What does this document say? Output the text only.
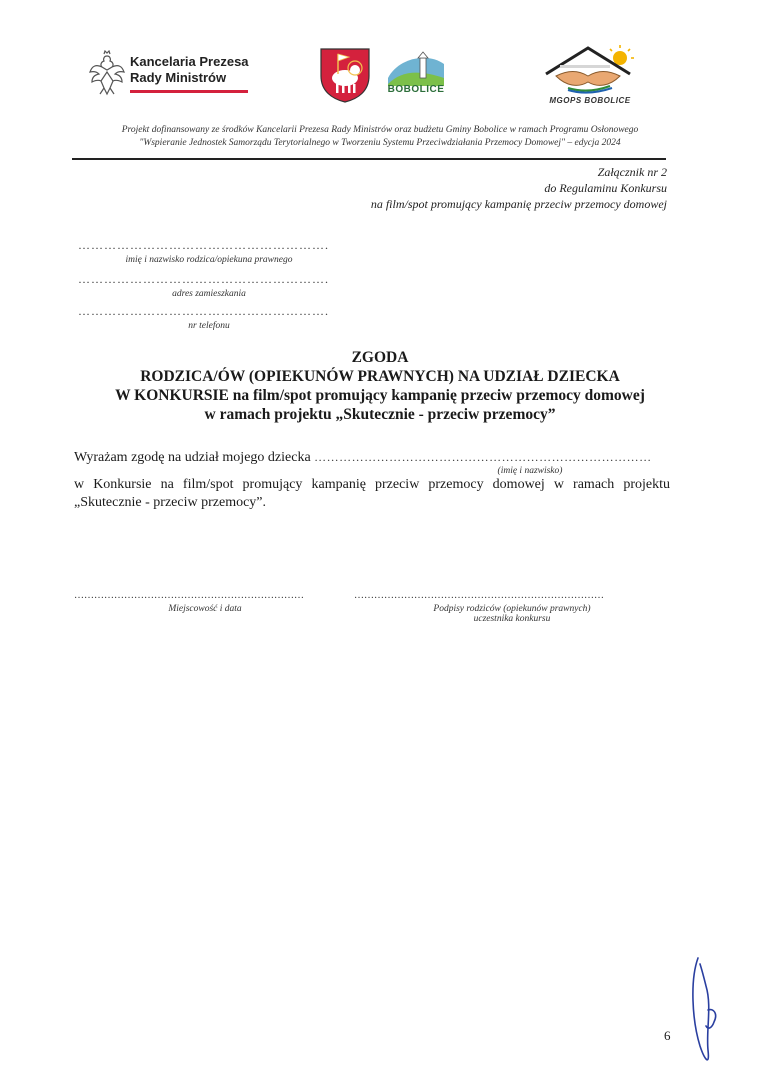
Kancelaria Prezesa
Rady Ministrów
BOBOLICE
MGOPS BOBOLICE
▬▬▬▬▬
Projekt dofinansowany ze środków Kancelarii Prezesa Rady Ministrów oraz budżetu Gminy Bobolice w ramach Programu Osłonowego
"Wspieranie Jednostek Samorządu Terytorialnego w Tworzeniu Systemu Przeciwdziałania Przemocy Domowej" – edycja 2024
Załącznik nr 2
do Regulaminu Konkursu
na film/spot promujący kampanię przeciw przemocy domowej
………………………………………………….
imię i nazwisko rodzica/opiekuna prawnego
………………………………………………….
adres zamieszkania
………………………………………………….
nr telefonu
ZGODA
RODZICA/ÓW (OPIEKUNÓW PRAWNYCH) NA UDZIAŁ DZIECKA
W KONKURSIE na film/spot promujący kampanię przeciw przemocy domowej
w ramach projektu „Skutecznie - przeciw przemocy”
Wyrażam zgodę na udział mojego dziecka ………………………………………………………………………
(imię i nazwisko)
w Konkursie na film/spot promujący kampanię przeciw przemocy domowej w ramach projektu „Skutecznie - przeciw przemocy”.
……………………………………………………………
Miejscowość i data
…………………………………………………………………
Podpisy rodziców (opiekunów prawnych)
uczestnika konkursu
6
